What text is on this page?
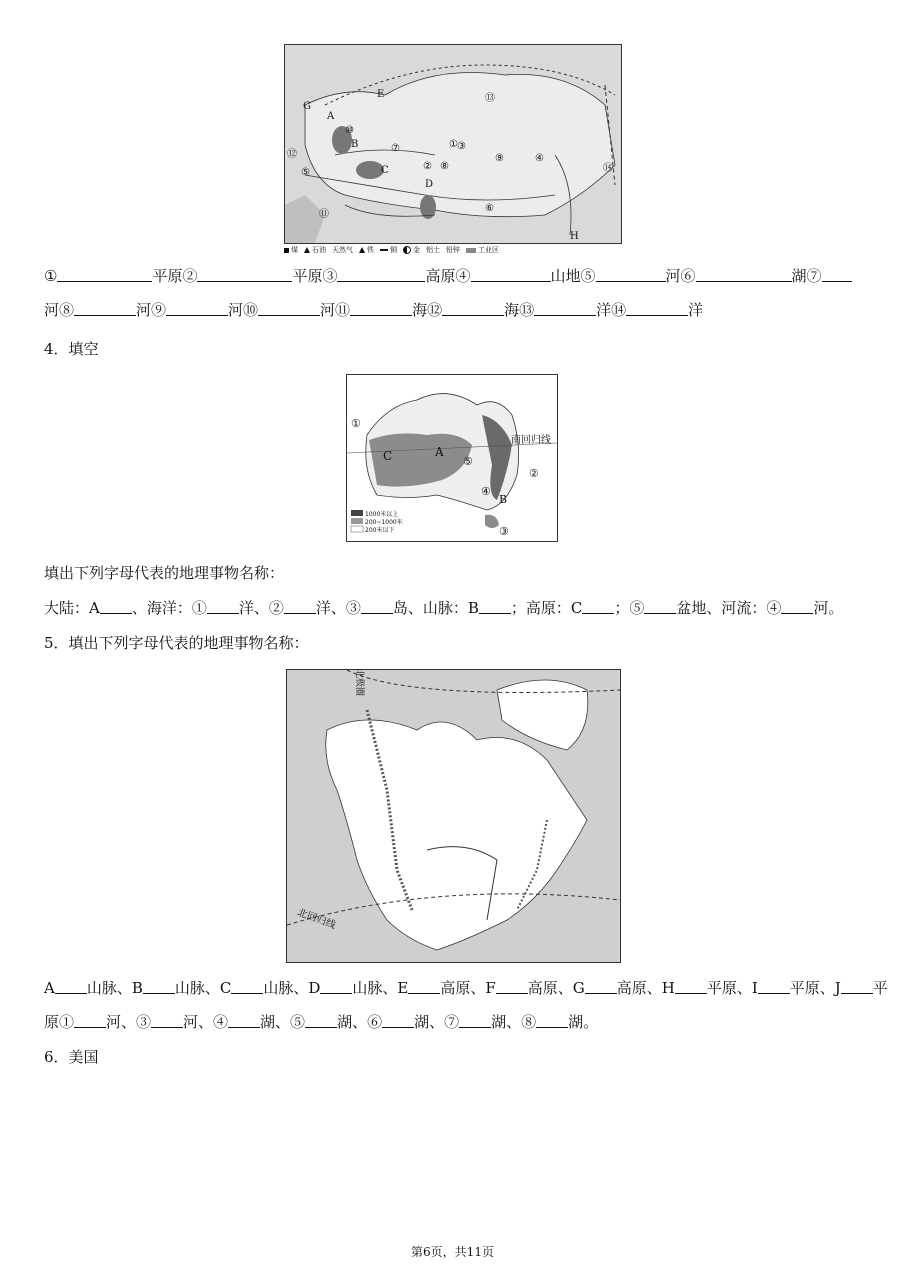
A
B
C
D
E
G
H
⑤
⑥
⑦
⑧
⑨
⑩
⑪
⑫
⑬
⑭
①
②
③
④
煤 石油 天然气 铁 铜 金 铝土 铅锌	工业区
①	平原②	平原③	高原④	山地⑤	河⑥	湖⑦
河⑧	河⑨	河⑩	河⑪	海⑫	海⑬	洋⑭	洋
4．填空
南回归线
A
C
B
①
②
③
④
⑤
1000米以上
200~1000米
200米以下
填出下列字母代表的地理事物名称：
大陆：A 、海洋：① 洋、② 洋、③ 岛、山脉：B ；高原：C ；⑤ 盆地、河流：④ 河。
5．填出下列字母代表的地理事物名称：
北极圈
北回归线
A 山脉、B 山脉、C 山脉、D 山脉、E 高原、F 高原、G 高原、H 平原、I 平原、J 平
原① 河、③ 河、④ 湖、⑤ 湖、⑥ 湖、⑦ 湖、⑧ 湖。
6．美国
第6页，共11页
